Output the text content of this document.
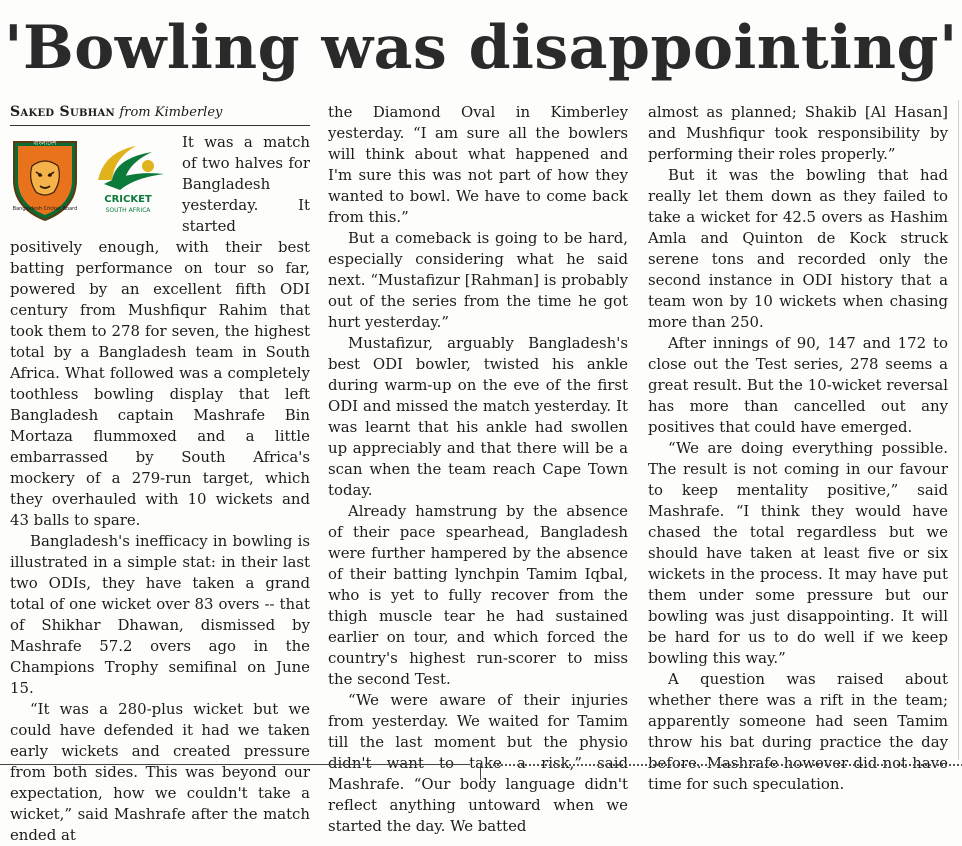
'Bowling was disappointing'
Saked Subhan from Kimberley
বাংলাদেশ
Bangladesh Cricket Board
CRICKET
SOUTH AFRICA

It was a match of two halves for Bangladesh yesterday. It started positively enough, with their best batting performance on tour so far, powered by an excellent fifth ODI century from Mushfiqur Rahim that took them to 278 for seven, the highest total by a Bangladesh team in South Africa. What followed was a completely toothless bowling display that left Bangladesh captain Mashrafe Bin Mortaza flummoxed and a little embarrassed by South Africa's mockery of a 279-run target, which they overhauled with 10 wickets and 43 balls to spare.

Bangladesh's inefficacy in bowling is illustrated in a simple stat: in their last two ODIs, they have taken a grand total of one wicket over 83 overs -- that of Shikhar Dhawan, dismissed by Mashrafe 57.2 overs ago in the Champions Trophy semifinal on June 15.

“It was a 280-plus wicket but we could have defended it had we taken early wickets and created pressure from both sides. This was beyond our expectation, how we couldn't take a wicket,” said Mashrafe after the match ended at

the Diamond Oval in Kimberley yesterday. “I am sure all the bowlers will think about what happened and I'm sure this was not part of how they wanted to bowl. We have to come back from this.”

But a comeback is going to be hard, especially considering what he said next. “Mustafizur [Rahman] is probably out of the series from the time he got hurt yesterday.”

Mustafizur, arguably Bangladesh's best ODI bowler, twisted his ankle during warm-up on the eve of the first ODI and missed the match yesterday. It was learnt that his ankle had swollen up appreciably and that there will be a scan when the team reach Cape Town today.

Already hamstrung by the absence of their pace spearhead, Bangladesh were further hampered by the absence of their batting lynchpin Tamim Iqbal, who is yet to fully recover from the thigh muscle tear he had sustained earlier on tour, and which forced the country's highest run-scorer to miss the second Test.

“We were aware of their injuries from yesterday. We waited for Tamim till the last moment but the physio didn't want to take a risk,” said Mashrafe. “Our body language didn't reflect anything untoward when we started the day. We batted

almost as planned; Shakib [Al Hasan] and Mushfiqur took responsibility by performing their roles properly.”

But it was the bowling that had really let them down as they failed to take a wicket for 42.5 overs as Hashim Amla and Quinton de Kock struck serene tons and recorded only the second instance in ODI history that a team won by 10 wickets when chasing more than 250.

After innings of 90, 147 and 172 to close out the Test series, 278 seems a great result. But the 10-wicket reversal has more than cancelled out any positives that could have emerged.

“We are doing everything possible. The result is not coming in our favour to keep mentality positive,” said Mashrafe. “I think they would have chased the total regardless but we should have taken at least five or six wickets in the process. It may have put them under some pressure but our bowling was just disappointing. It will be hard for us to do well if we keep bowling this way.”

A question was raised about whether there was a rift in the team; apparently someone had seen Tamim throw his bat during practice the day before. Mashrafe however did not have time for such speculation.
